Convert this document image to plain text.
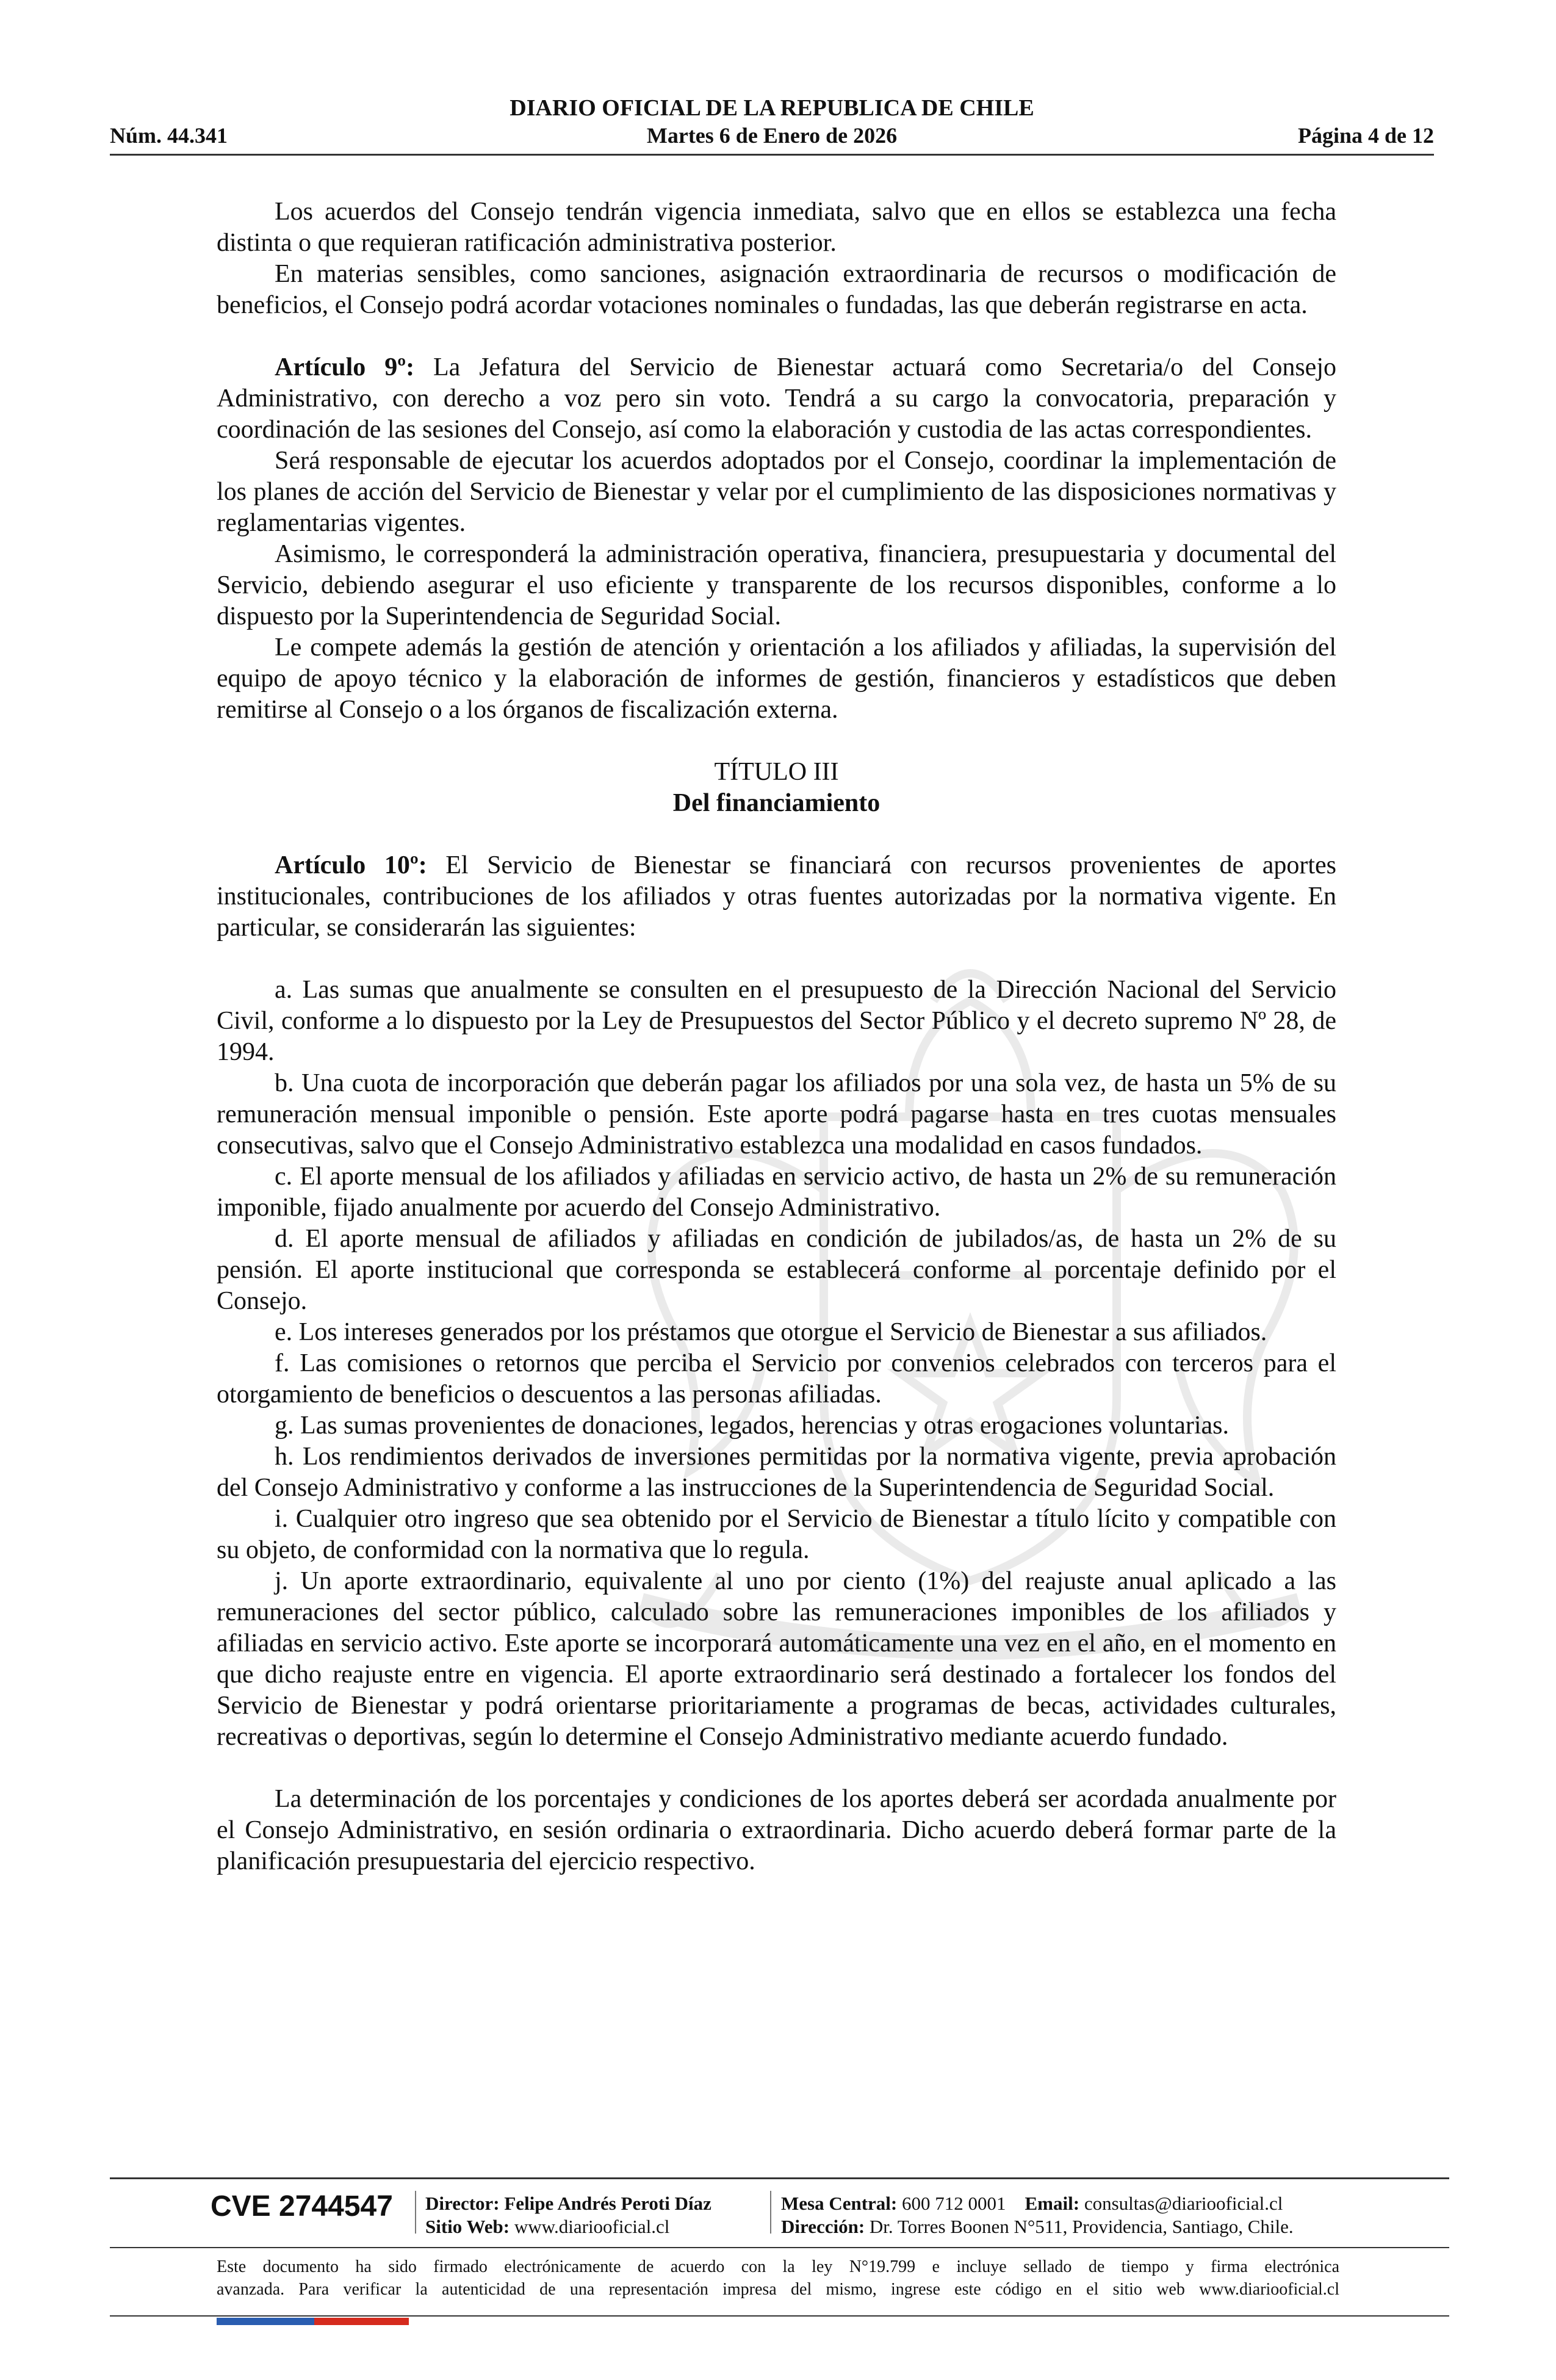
DIARIO OFICIAL DE LA REPUBLICA DE CHILE
Núm. 44.341	Martes 6 de Enero de 2026	Página 4 de 12

Los acuerdos del Consejo tendrán vigencia inmediata, salvo que en ellos se establezca una fecha distinta o que requieran ratificación administrativa posterior.

En materias sensibles, como sanciones, asignación extraordinaria de recursos o modificación de beneficios, el Consejo podrá acordar votaciones nominales o fundadas, las que deberán registrarse en acta.

Artículo 9º: La Jefatura del Servicio de Bienestar actuará como Secretaria/o del Consejo Administrativo, con derecho a voz pero sin voto. Tendrá a su cargo la convocatoria, preparación y coordinación de las sesiones del Consejo, así como la elaboración y custodia de las actas correspondientes.

Será responsable de ejecutar los acuerdos adoptados por el Consejo, coordinar la implementación de los planes de acción del Servicio de Bienestar y velar por el cumplimiento de las disposiciones normativas y reglamentarias vigentes.

Asimismo, le corresponderá la administración operativa, financiera, presupuestaria y documental del Servicio, debiendo asegurar el uso eficiente y transparente de los recursos disponibles, conforme a lo dispuesto por la Superintendencia de Seguridad Social.

Le compete además la gestión de atención y orientación a los afiliados y afiliadas, la supervisión del equipo de apoyo técnico y la elaboración de informes de gestión, financieros y estadísticos que deben remitirse al Consejo o a los órganos de fiscalización externa.

TÍTULO III

Del financiamiento

Artículo 10º: El Servicio de Bienestar se financiará con recursos provenientes de aportes institucionales, contribuciones de los afiliados y otras fuentes autorizadas por la normativa vigente. En particular, se considerarán las siguientes:

a. Las sumas que anualmente se consulten en el presupuesto de la Dirección Nacional del Servicio Civil, conforme a lo dispuesto por la Ley de Presupuestos del Sector Público y el decreto supremo Nº 28, de 1994.

b. Una cuota de incorporación que deberán pagar los afiliados por una sola vez, de hasta un 5% de su remuneración mensual imponible o pensión. Este aporte podrá pagarse hasta en tres cuotas mensuales consecutivas, salvo que el Consejo Administrativo establezca una modalidad en casos fundados.

c. El aporte mensual de los afiliados y afiliadas en servicio activo, de hasta un 2% de su remuneración imponible, fijado anualmente por acuerdo del Consejo Administrativo.

d. El aporte mensual de afiliados y afiliadas en condición de jubilados/as, de hasta un 2% de su pensión. El aporte institucional que corresponda se establecerá conforme al porcentaje definido por el Consejo.

e. Los intereses generados por los préstamos que otorgue el Servicio de Bienestar a sus afiliados.

f. Las comisiones o retornos que perciba el Servicio por convenios celebrados con terceros para el otorgamiento de beneficios o descuentos a las personas afiliadas.

g. Las sumas provenientes de donaciones, legados, herencias y otras erogaciones voluntarias.

h. Los rendimientos derivados de inversiones permitidas por la normativa vigente, previa aprobación del Consejo Administrativo y conforme a las instrucciones de la Superintendencia de Seguridad Social.

i. Cualquier otro ingreso que sea obtenido por el Servicio de Bienestar a título lícito y compatible con su objeto, de conformidad con la normativa que lo regula.

j. Un aporte extraordinario, equivalente al uno por ciento (1%) del reajuste anual aplicado a las remuneraciones del sector público, calculado sobre las remuneraciones imponibles de los afiliados y afiliadas en servicio activo. Este aporte se incorporará automáticamente una vez en el año, en el momento en que dicho reajuste entre en vigencia. El aporte extraordinario será destinado a fortalecer los fondos del Servicio de Bienestar y podrá orientarse prioritariamente a programas de becas, actividades culturales, recreativas o deportivas, según lo determine el Consejo Administrativo mediante acuerdo fundado.

La determinación de los porcentajes y condiciones de los aportes deberá ser acordada anualmente por el Consejo Administrativo, en sesión ordinaria o extraordinaria. Dicho acuerdo deberá formar parte de la planificación presupuestaria del ejercicio respectivo.

CVE 2744547 Director: Felipe Andrés Peroti Díaz
Sitio Web: www.diariooficial.cl
Mesa Central: 600 712 0001 Email: consultas@diariooficial.cl
Dirección: Dr. Torres Boonen N°511, Providencia, Santiago, Chile.
Este documento ha sido firmado electrónicamente de acuerdo con la ley N°19.799 e incluye sellado de tiempo y firma electrónica
avanzada. Para verificar la autenticidad de una representación impresa del mismo, ingrese este código en el sitio web www.diariooficial.cl
